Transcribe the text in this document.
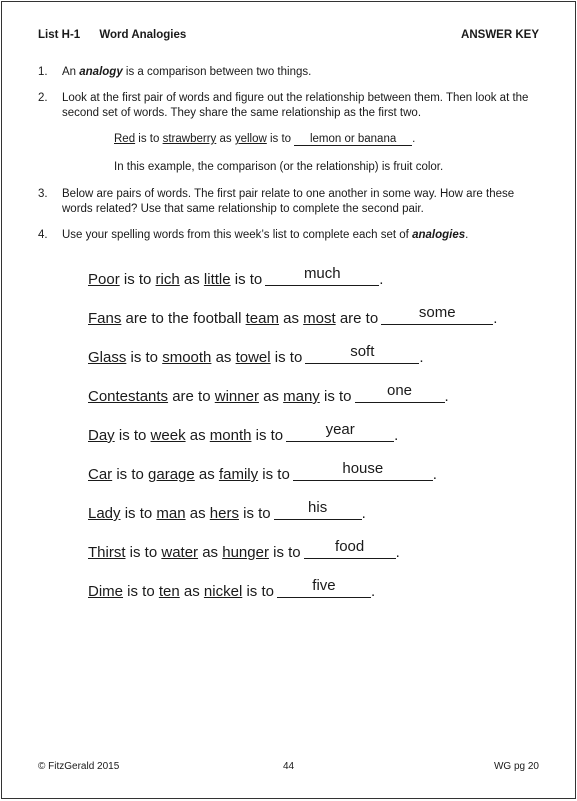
List H-1 Word Analogies	ANSWER KEY
1. An analogy is a comparison between two things.
2. Look at the first pair of words and figure out the relationship between them. Then look at the second set of words. They share the same relationship as the first two.
Red is to strawberry as yellow is to lemon or banana .
In this example, the comparison (or the relationship) is fruit color.
3. Below are pairs of words. The first pair relate to one another in some way. How are these words related? Use that same relationship to complete the second pair.
4. Use your spelling words from this week’s list to complete each set of analogies.
Poor is to rich as little is to	much	.
Fans are to the football team as most are to	some	.
Glass is to smooth as towel is to	soft	.
Contestants are to winner as many is to one .
Day is to week as month is to	year	.
Car is to garage as family is to	house	.
Lady is to man as hers is to his .
Thirst is to water as hunger is to food .
Dime is to ten as nickel is to	five .
© FitzGerald 2015	44	WG pg 20
